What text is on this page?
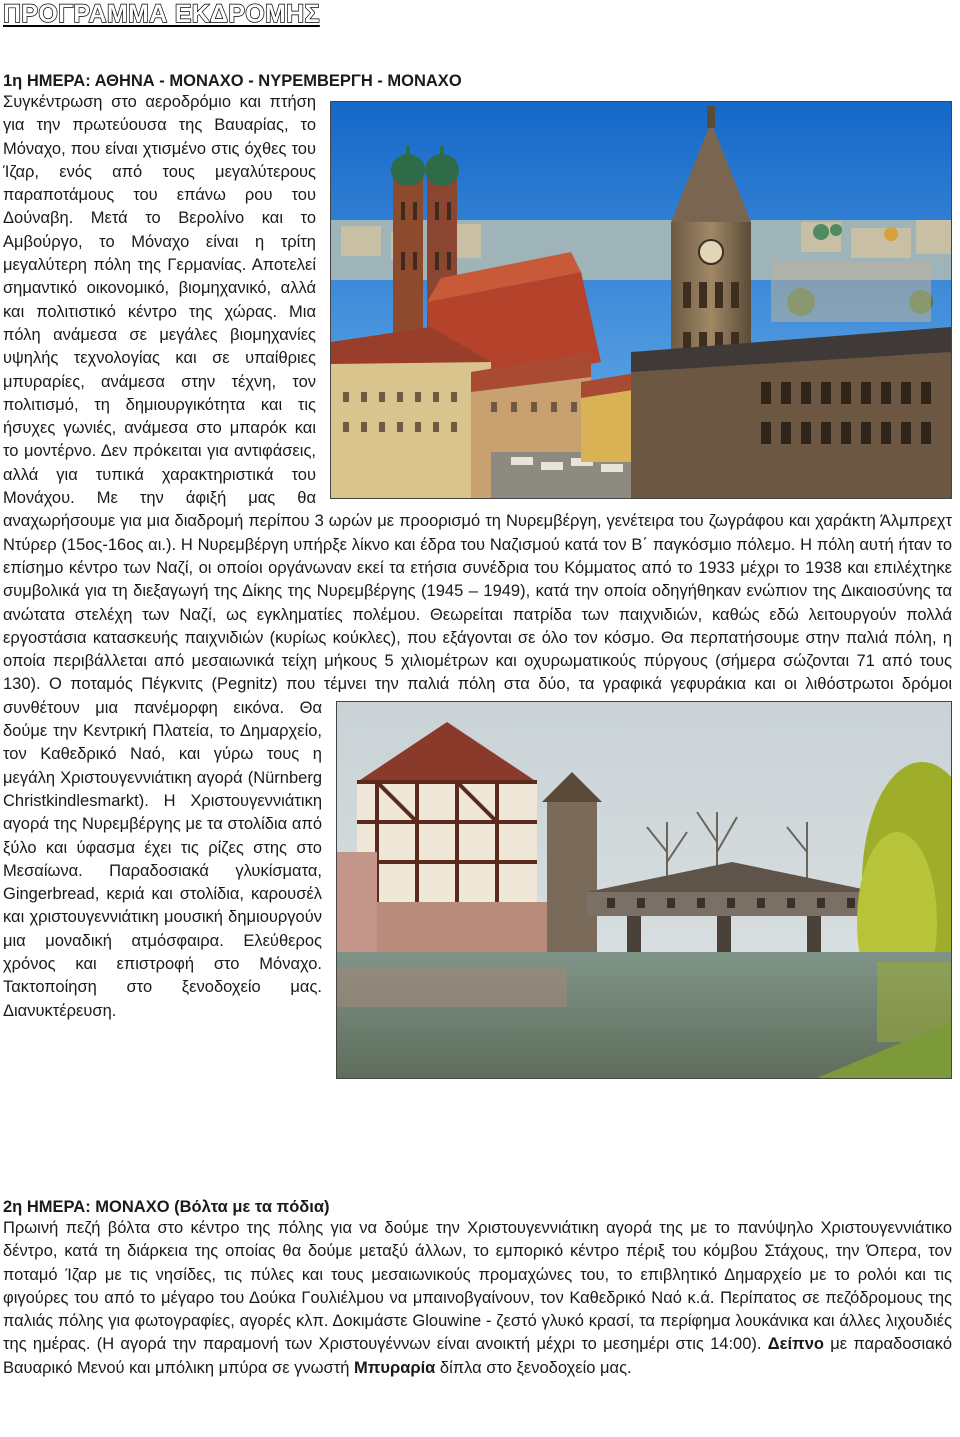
ΠΡΟΓΡΑΜΜΑ ΕΚΔΡΟΜΗΣ

1η ΗΜΕΡΑ: ΑΘΗΝΑ - ΜΟΝΑΧΟ - ΝΥΡΕΜΒΕΡΓΗ - ΜΟΝΑΧΟ

Συγκέντρωση στο αεροδρόμιο και πτήση για την πρωτεύουσα της Βαυαρίας, το Μόναχο, που είναι χτισμένο στις όχθες του Ίζαρ, ενός από τους μεγαλύτερους παραποτάμους του επάνω ρου του Δούναβη. Μετά το Βερολίνο και το Αμβούργο, το Μόναχο είναι η τρίτη μεγαλύτερη πόλη της Γερμανίας. Αποτελεί σημαντικό οικονομικό, βιομηχανικό, αλλά και πολιτιστικό κέντρο της χώρας. Μια πόλη ανάμεσα σε μεγάλες βιομηχανίες υψηλής τεχνολογίας και σε υπαίθριες μπυραρίες, ανάμεσα στην τέχνη, τον πολιτισμό, τη δημιουργικότητα και τις ήσυχες γωνιές, ανάμεσα στο μπαρόκ και το μοντέρνο. Δεν πρόκειται για αντιφάσεις, αλλά για τυπικά χαρακτηριστικά του Μονάχου. Με την άφιξή μας θα αναχωρήσουμε για μια διαδρομή περίπου 3 ωρών με προορισμό τη Νυρεμβέργη, γενέτειρα του ζωγράφου και χαράκτη Άλμπρεχτ Ντύρερ (15ος-16ος αι.). Η Νυρεμβέργη υπήρξε λίκνο και έδρα του Ναζισμού κατά τον Β΄ παγκόσμιο πόλεμο. Η πόλη αυτή ήταν το επίσημο κέντρο των Ναζί, οι οποίοι οργάνωναν εκεί τα ετήσια συνέδρια του Κόμματος από το 1933 μέχρι το 1938 και επιλέχτηκε συμβολικά για τη διεξαγωγή της Δίκης της Νυρεμβέργης (1945 – 1949), κατά την οποία οδηγήθηκαν ενώπιον της Δικαιοσύνης τα ανώτατα στελέχη των Ναζί, ως εγκληματίες πολέμου. Θεωρείται πατρίδα των παιχνιδιών, καθώς εδώ λειτουργούν πολλά εργοστάσια κατασκευής παιχνιδιών (κυρίως κούκλες), που εξάγονται σε όλο τον κόσμο. Θα περπατήσουμε στην παλιά πόλη, η οποία περιβάλλεται από μεσαιωνικά τείχη μήκους 5 χιλιομέτρων και οχυρωματικούς πύργους (σήμερα σώζονται 71 από τους 130). Ο ποταμός Πέγκνιτς (Pegnitz) που τέμνει την παλιά πόλη στα δύο, τα γραφικά γεφυράκια και οι λιθόστρωτοι δρόμοι συνθέτουν μια πανέμορφη
εικόνα. Θα δούμε την Κεντρική Πλατεία, το Δημαρχείο, τον Καθεδρικό Ναό, και γύρω τους η μεγάλη Χριστουγεννιάτικη αγορά (Nürnberg Christkindlesmarkt). Η Χριστουγεννιάτικη αγορά της Νυρεμβέργης με τα στολίδια από ξύλο και ύφασμα έχει τις ρίζες στης στο Μεσαίωνα. Παραδοσιακά γλυκίσματα, Gingerbread, κεριά και στολίδια, καρουσέλ και χριστουγεννιάτικη μουσική δημιουργούν μια μοναδική ατμόσφαιρα. Ελεύθερος χρόνος και επιστροφή στο Μόναχο. Τακτοποίηση στο ξενοδοχείο μας. Διανυκτέρευση.

2η ΗΜΕΡΑ: ΜΟΝΑΧΟ (Βόλτα με τα πόδια)

Πρωινή πεζή βόλτα στο κέντρο της πόλης για να δούμε την Χριστουγεννιάτικη αγορά της με το πανύψηλο Χριστουγεννιάτικο δέντρο, κατά τη διάρκεια της οποίας θα δούμε μεταξύ άλλων, το εμπορικό κέντρο πέριξ του κόμβου Στάχους, την Όπερα, τον ποταμό Ίζαρ με τις νησίδες, τις πύλες και τους μεσαιωνικούς προμαχώνες του, το επιβλητικό Δημαρχείο με το ρολόι και τις φιγούρες του από το μέγαρο του Δούκα Γουλιέλμου να μπαινοβγαίνουν, τον Καθεδρικό Ναό κ.ά. Περίπατος σε πεζόδρομους της παλιάς πόλης για φωτογραφίες, αγορές κλπ. Δοκιμάστε Glouwine - ζεστό γλυκό κρασί, τα περίφημα λουκάνικα και άλλες λιχουδιές της ημέρας. (Η αγορά την παραμονή των Χριστουγέννων είναι ανοικτή μέχρι το μεσημέρι στις 14:00). Δείπνο με παραδοσιακό Βαυαρικό Μενού και μπόλικη μπύρα σε γνωστή Μπυραρία δίπλα στο ξενοδοχείο μας.
